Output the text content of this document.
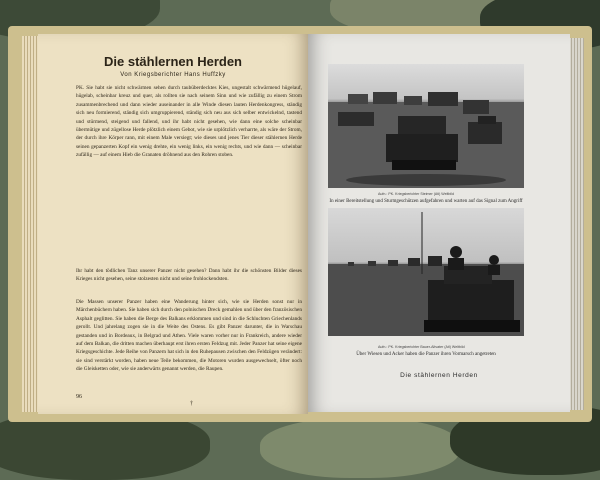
Die stählernen Herden
Von Kriegsberichter Hans Huffzky

PK. Sie habt sie nicht schwärmen sehen durch taubüberdecktes Kies, ungestalt schwärmend hügelauf, hügelab, scheinbar kreuz und quer, als rollten sie nach seinem Sinn und wie zufällig zu einem Strom zusammenbrechend und dann wieder auseinander in alle Winde diesen lauten Herdenkongress, ständig sich neu formierend, ständig sich umgruppierend, ständig sich neu aus sich selber entwickelnd, tastend und stürmend, steigend und fallend, und ihr habt nicht gesehen, wie dann eine solche scheinbar übermütige und zügellose Herde plötzlich einem Gebot, wie sie urplötzlich verharrte, als wäre der Strom, der durch ihre Körper rann, mit einem Male versiegt; wie dieses und jenes Tier dieser stählernen Herde seinen gepanzerten Kopf ein wenig drehte, ein wenig links, ein wenig rechts, und wie dann — scheinbar zufällig — auf einem Hieb die Granaten dröhnend aus den Rohren stoben.

Ihr habt den tödlichen Tanz unserer Panzer nicht gesehen? Dann habt ihr die schönsten Bilder dieses Krieges nicht gesehen, seine stolzesten nicht und seine frohlockendsten.

Die Massen unserer Panzer haben eine Wanderung hinter sich, wie sie Herden sonst nur in Märchenbüchern haben. Sie haben sich durch den polnischen Dreck gemahlen und über den französischen Asphalt geglitten. Sie haben die Berge des Balkans erklommen und sind in die Schluchten Griechenlands gerollt. Und jahrelang zogen sie in die Weite des Ostens. Es gibt Panzer darunter, die in Warschau gestanden und in Bordeaux, in Belgrad und Athen. Viele waren vorher nur in Frankreich, andere wieder auf dem Balkan, die dritten machen überhaupt erst ihren ersten Feldzug mit. Jeder Panzer hat seine eigene Kriegsgeschichte. Jede Reihe von Panzern hat sich in den Ruhepausen zwischen den Feldzügen verändert: sie sind verstärkt worden, haben neue Teile bekommen, die Motoren wurden ausgewechselt, öfter noch die Gleisketten oder, wie sie anderwärts genannt werden, die Raupen.

96
†
Aufn.: PK. Kriegsberichter Steimer (Atl) Weltbild
In einer Bereitstellung und Sturmgeschützen aufgefahren und warten auf das Signal zum Angriff
Aufn.: PK. Kriegsberichter Bauer-Altvater (Atl) Weltbild
Über Wiesen und Acker haben die Panzer ihren Vormarsch angetreten
Die stählernen Herden
